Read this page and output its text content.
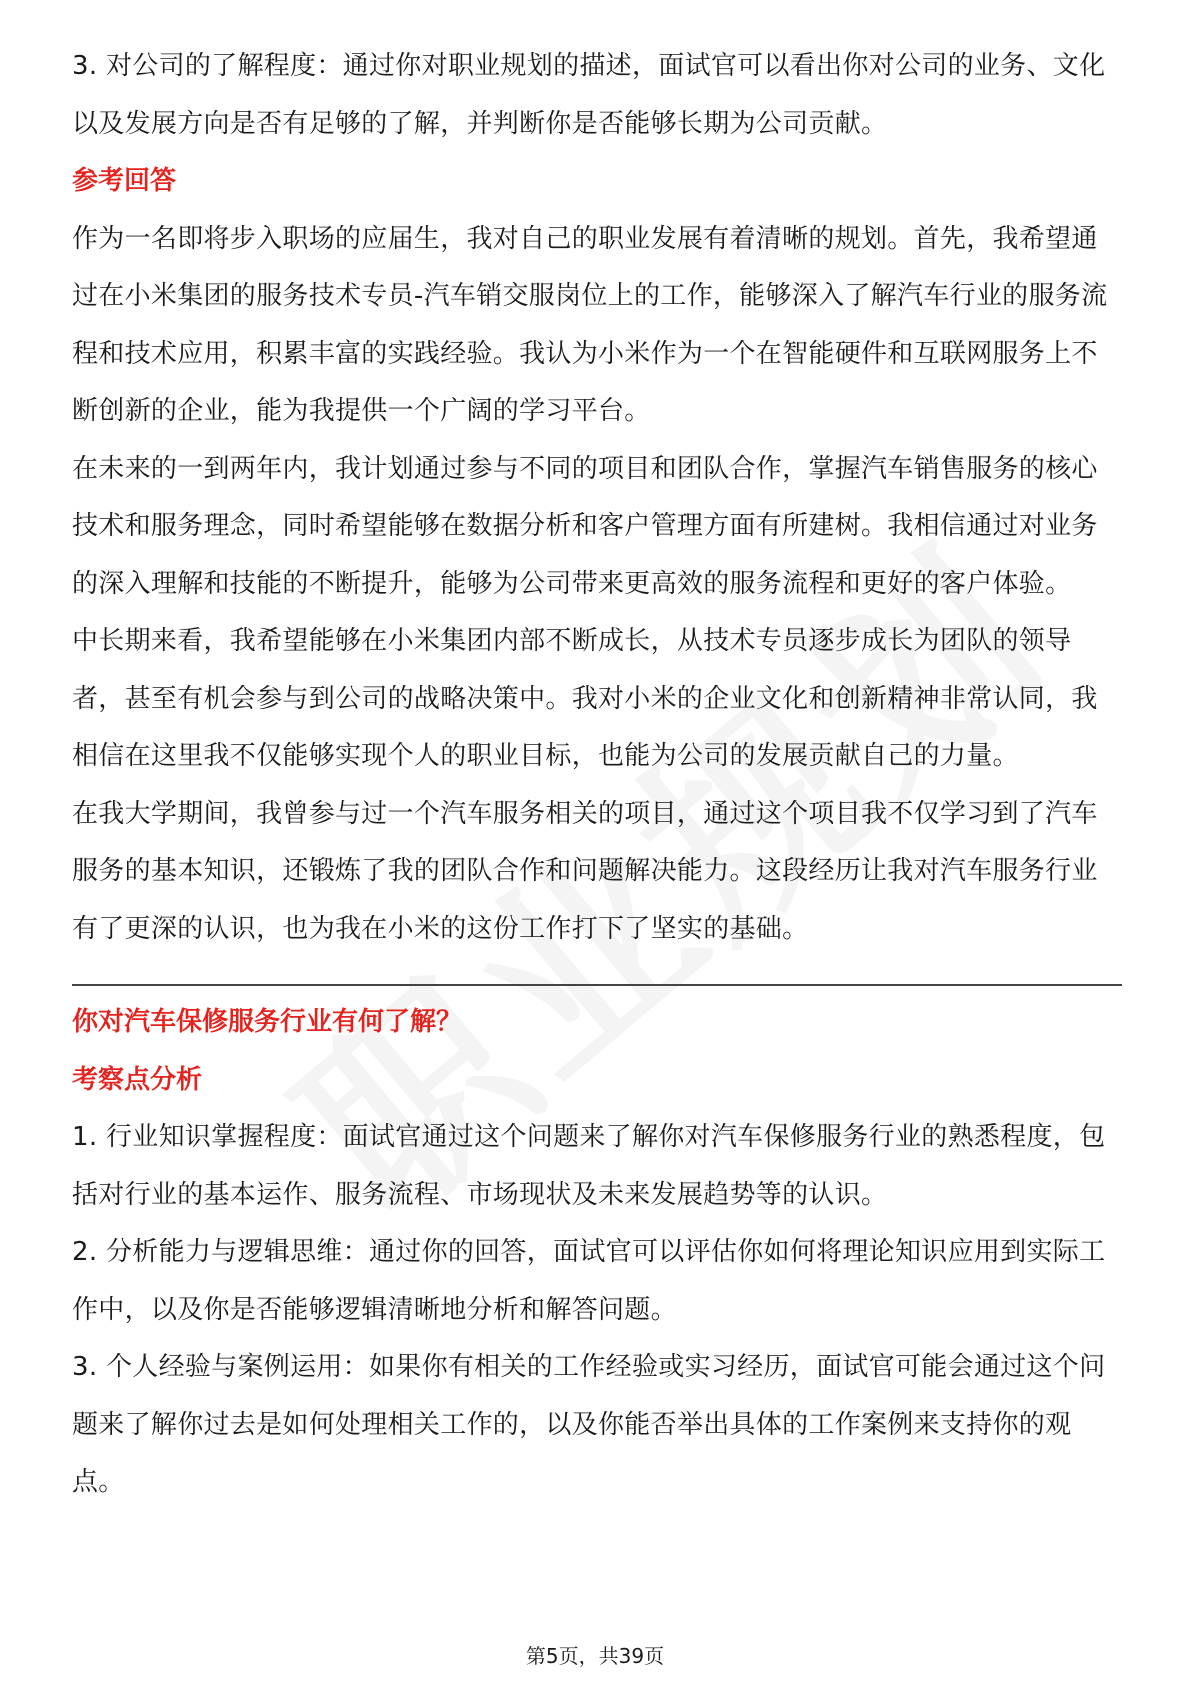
3. 对公司的了解程度：通过你对职业规划的描述，面试官可以看出你对公司的业务、文化以及发展方向是否有足够的了解，并判断你是否能够长期为公司贡献。

参考回答

作为一名即将步入职场的应届生，我对自己的职业发展有着清晰的规划。首先，我希望通过在小米集团的服务技术专员-汽车销交服岗位上的工作，能够深入了解汽车行业的服务流程和技术应用，积累丰富的实践经验。我认为小米作为一个在智能硬件和互联网服务上不断创新的企业，能为我提供一个广阔的学习平台。

在未来的一到两年内，我计划通过参与不同的项目和团队合作，掌握汽车销售服务的核心技术和服务理念，同时希望能够在数据分析和客户管理方面有所建树。我相信通过对业务的深入理解和技能的不断提升，能够为公司带来更高效的服务流程和更好的客户体验。

中长期来看，我希望能够在小米集团内部不断成长，从技术专员逐步成长为团队的领导者，甚至有机会参与到公司的战略决策中。我对小米的企业文化和创新精神非常认同，我相信在这里我不仅能够实现个人的职业目标，也能为公司的发展贡献自己的力量。

在我大学期间，我曾参与过一个汽车服务相关的项目，通过这个项目我不仅学习到了汽车服务的基本知识，还锻炼了我的团队合作和问题解决能力。这段经历让我对汽车服务行业有了更深的认识，也为我在小米的这份工作打下了坚实的基础。

你对汽车保修服务行业有何了解？

考察点分析

1. 行业知识掌握程度：面试官通过这个问题来了解你对汽车保修服务行业的熟悉程度，包括对行业的基本运作、服务流程、市场现状及未来发展趋势等的认识。

2. 分析能力与逻辑思维：通过你的回答，面试官可以评估你如何将理论知识应用到实际工作中，以及你是否能够逻辑清晰地分析和解答问题。

3. 个人经验与案例运用：如果你有相关的工作经验或实习经历，面试官可能会通过这个问题来了解你过去是如何处理相关工作的，以及你能否举出具体的工作案例来支持你的观点。

第5页，共39页
